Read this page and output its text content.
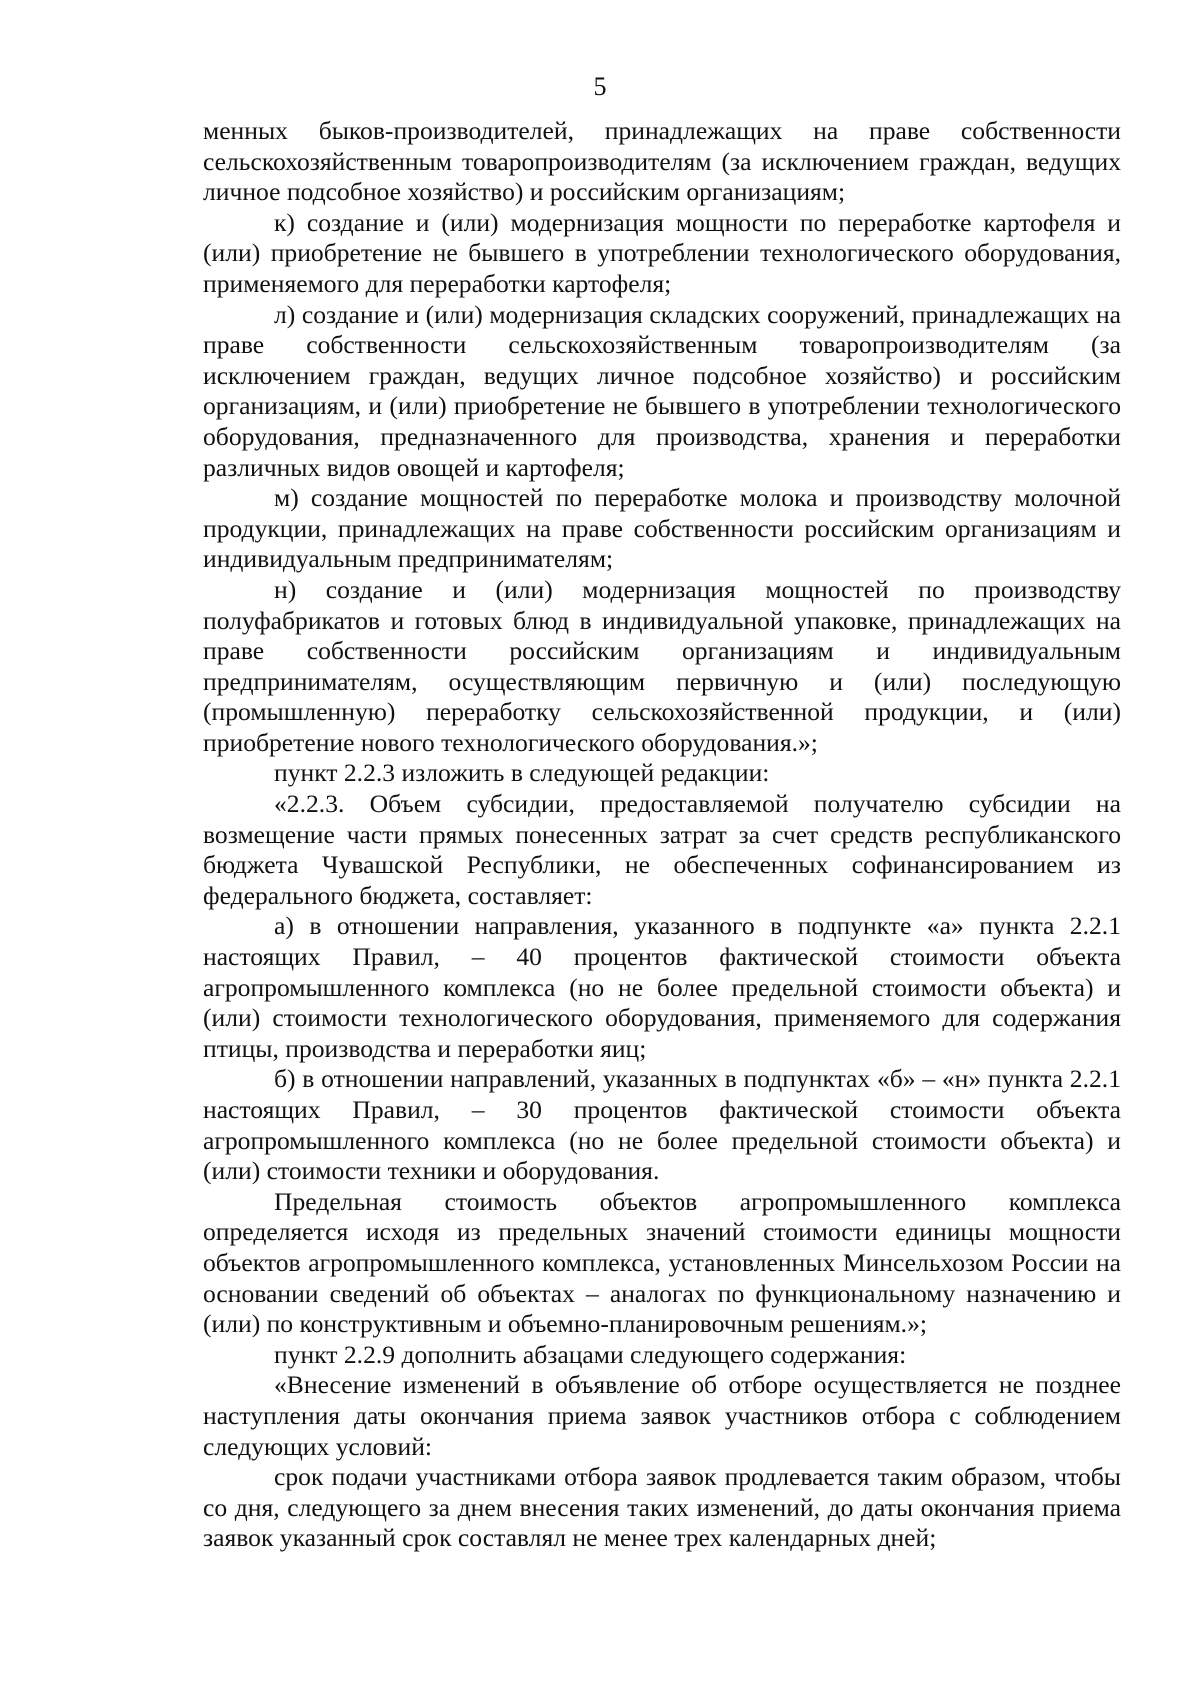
5

менных быков-производителей, принадлежащих на праве собственности сельскохозяйственным товаропроизводителям (за исключением граждан, ведущих личное подсобное хозяйство) и российским организациям;

к) создание и (или) модернизация мощности по переработке картофеля и (или) приобретение не бывшего в употреблении технологического оборудования, применяемого для переработки картофеля;

л) создание и (или) модернизация складских сооружений, принадлежащих на праве собственности сельскохозяйственным товаропроизводителям (за исключением граждан, ведущих личное подсобное хозяйство) и российским организациям, и (или) приобретение не бывшего в употреблении технологического оборудования, предназначенного для производства, хранения и переработки различных видов овощей и картофеля;

м) создание мощностей по переработке молока и производству молочной продукции, принадлежащих на праве собственности российским организациям и индивидуальным предпринимателям;

н) создание и (или) модернизация мощностей по производству полуфабрикатов и готовых блюд в индивидуальной упаковке, принадлежащих на праве собственности российским организациям и индивидуальным предпринимателям, осуществляющим первичную и (или) последующую (промышленную) переработку сельскохозяйственной продукции, и (или) приобретение нового технологического оборудования.»;

пункт 2.2.3 изложить в следующей редакции:

«2.2.3. Объем субсидии, предоставляемой получателю субсидии на возмещение части прямых понесенных затрат за счет средств республиканского бюджета Чувашской Республики, не обеспеченных софинансированием из федерального бюджета, составляет:

а) в отношении направления, указанного в подпункте «а» пункта 2.2.1 настоящих Правил, – 40 процентов фактической стоимости объекта агропромышленного комплекса (но не более предельной стоимости объекта) и (или) стоимости технологического оборудования, применяемого для содержания птицы, производства и переработки яиц;

б) в отношении направлений, указанных в подпунктах «б» – «н» пункта 2.2.1 настоящих Правил, – 30 процентов фактической стоимости объекта агропромышленного комплекса (но не более предельной стоимости объекта) и (или) стоимости техники и оборудования.

Предельная стоимость объектов агропромышленного комплекса определяется исходя из предельных значений стоимости единицы мощности объектов агропромышленного комплекса, установленных Минсельхозом России на основании сведений об объектах – аналогах по функциональному назначению и (или) по конструктивным и объемно-планировочным решениям.»;

пункт 2.2.9 дополнить абзацами следующего содержания:

«Внесение изменений в объявление об отборе осуществляется не позднее наступления даты окончания приема заявок участников отбора с соблюдением следующих условий:

срок подачи участниками отбора заявок продлевается таким образом, чтобы со дня, следующего за днем внесения таких изменений, до даты окончания приема заявок указанный срок составлял не менее трех календарных дней;
